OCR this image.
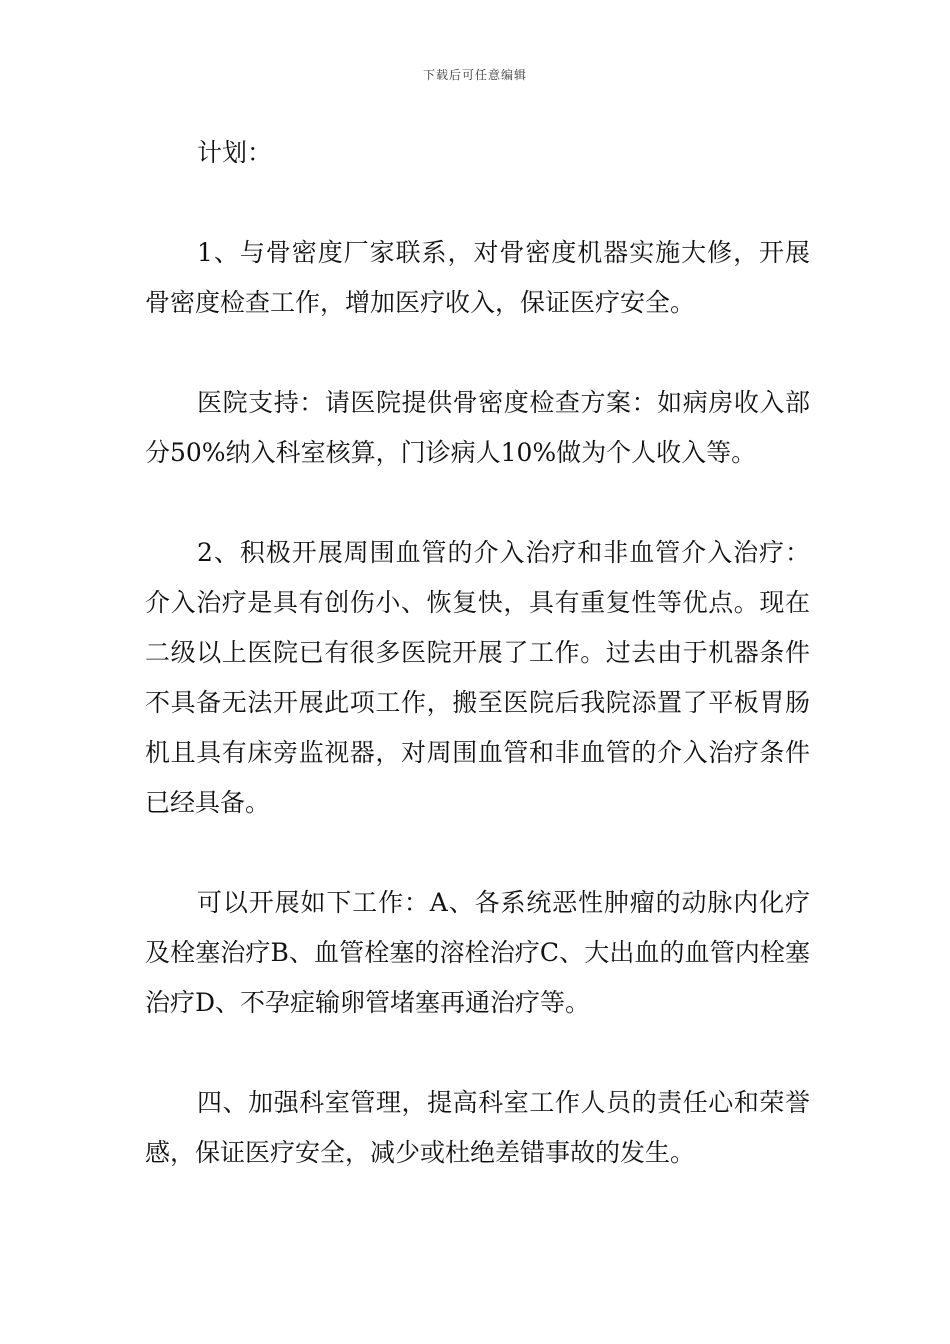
下载后可任意编辑

计划：

1、与骨密度厂家联系，对骨密度机器实施大修，开展骨密度检查工作，增加医疗收入，保证医疗安全。

医院支持：请医院提供骨密度检查方案：如病房收入部分50%纳入科室核算，门诊病人10%做为个人收入等。

2、积极开展周围血管的介入治疗和非血管介入治疗：介入治疗是具有创伤小、恢复快，具有重复性等优点。现在二级以上医院已有很多医院开展了工作。过去由于机器条件不具备无法开展此项工作，搬至医院后我院添置了平板胃肠机且具有床旁监视器，对周围血管和非血管的介入治疗条件已经具备。

可以开展如下工作：A、各系统恶性肿瘤的动脉内化疗及栓塞治疗B、血管栓塞的溶栓治疗C、大出血的血管内栓塞治疗D、不孕症输卵管堵塞再通治疗等。

四、加强科室管理，提高科室工作人员的责任心和荣誉感，保证医疗安全，减少或杜绝差错事故的发生。
